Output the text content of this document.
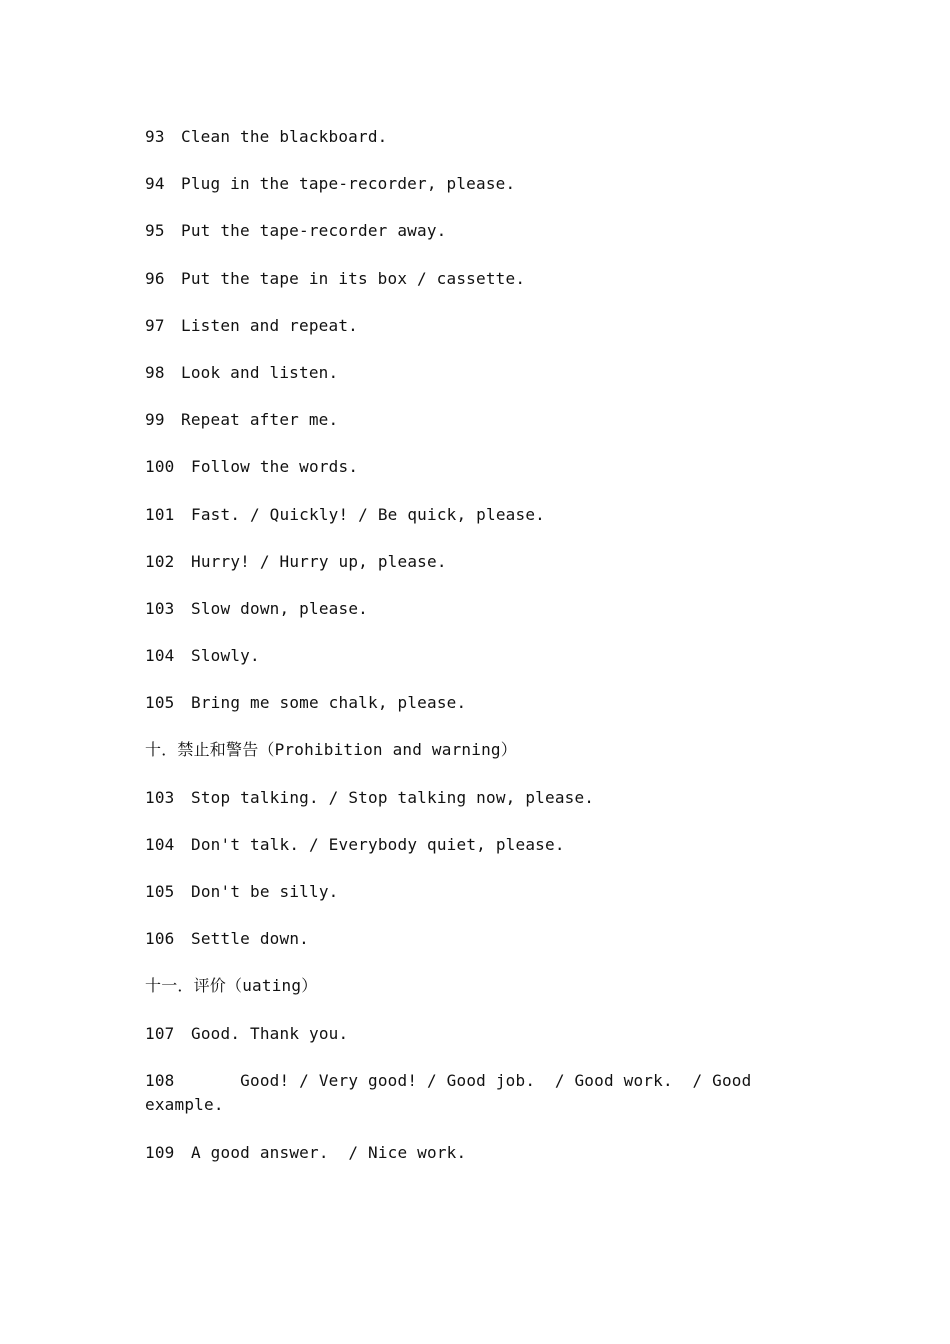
93 Clean the blackboard.
94 Plug in the tape-recorder, please.
95 Put the tape-recorder away.
96 Put the tape in its box / cassette.
97 Listen and repeat.
98 Look and listen.
99 Repeat after me.
100 Follow the words.
101 Fast. / Quickly! / Be quick, please.
102 Hurry! / Hurry up, please.
103 Slow down, please.
104 Slowly.
105 Bring me some chalk, please.
十．禁止和警告（Prohibition and warning）
103 Stop talking. / Stop talking now, please.
104 Don't talk. / Everybody quiet, please.
105 Don't be silly.
106 Settle down.
十一．评价（uating）
107 Good. Thank you.
108     Good! / Very good! / Good job.  / Good work.  / Good example.
109 A good answer.  / Nice work.
